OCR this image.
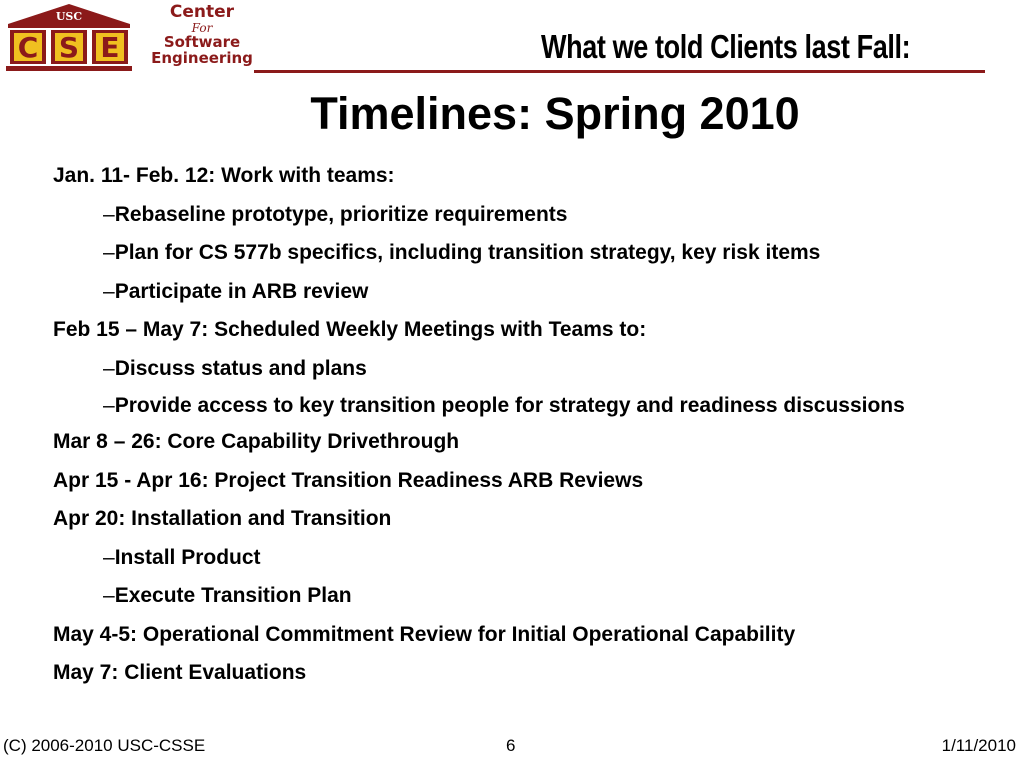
USC
C S E
Center
For
Software
Engineering	What we told Clients last Fall:
Timelines: Spring 2010
Jan. 11- Feb. 12: Work with teams:
–Rebaseline prototype, prioritize requirements
–Plan for CS 577b specifics, including transition strategy, key risk items
–Participate in ARB review
Feb 15 – May 7: Scheduled Weekly Meetings with Teams to:
–Discuss status and plans
–Provide access to key transition people for strategy and readiness discussions
Mar 8 – 26: Core Capability Drivethrough
Apr 15 - Apr 16: Project Transition Readiness ARB Reviews
Apr 20: Installation and Transition
–Install Product
–Execute Transition Plan
May 4-5: Operational Commitment Review for Initial Operational Capability
May 7: Client Evaluations
(C) 2006-2010 USC-CSSE	6	1/11/2010
